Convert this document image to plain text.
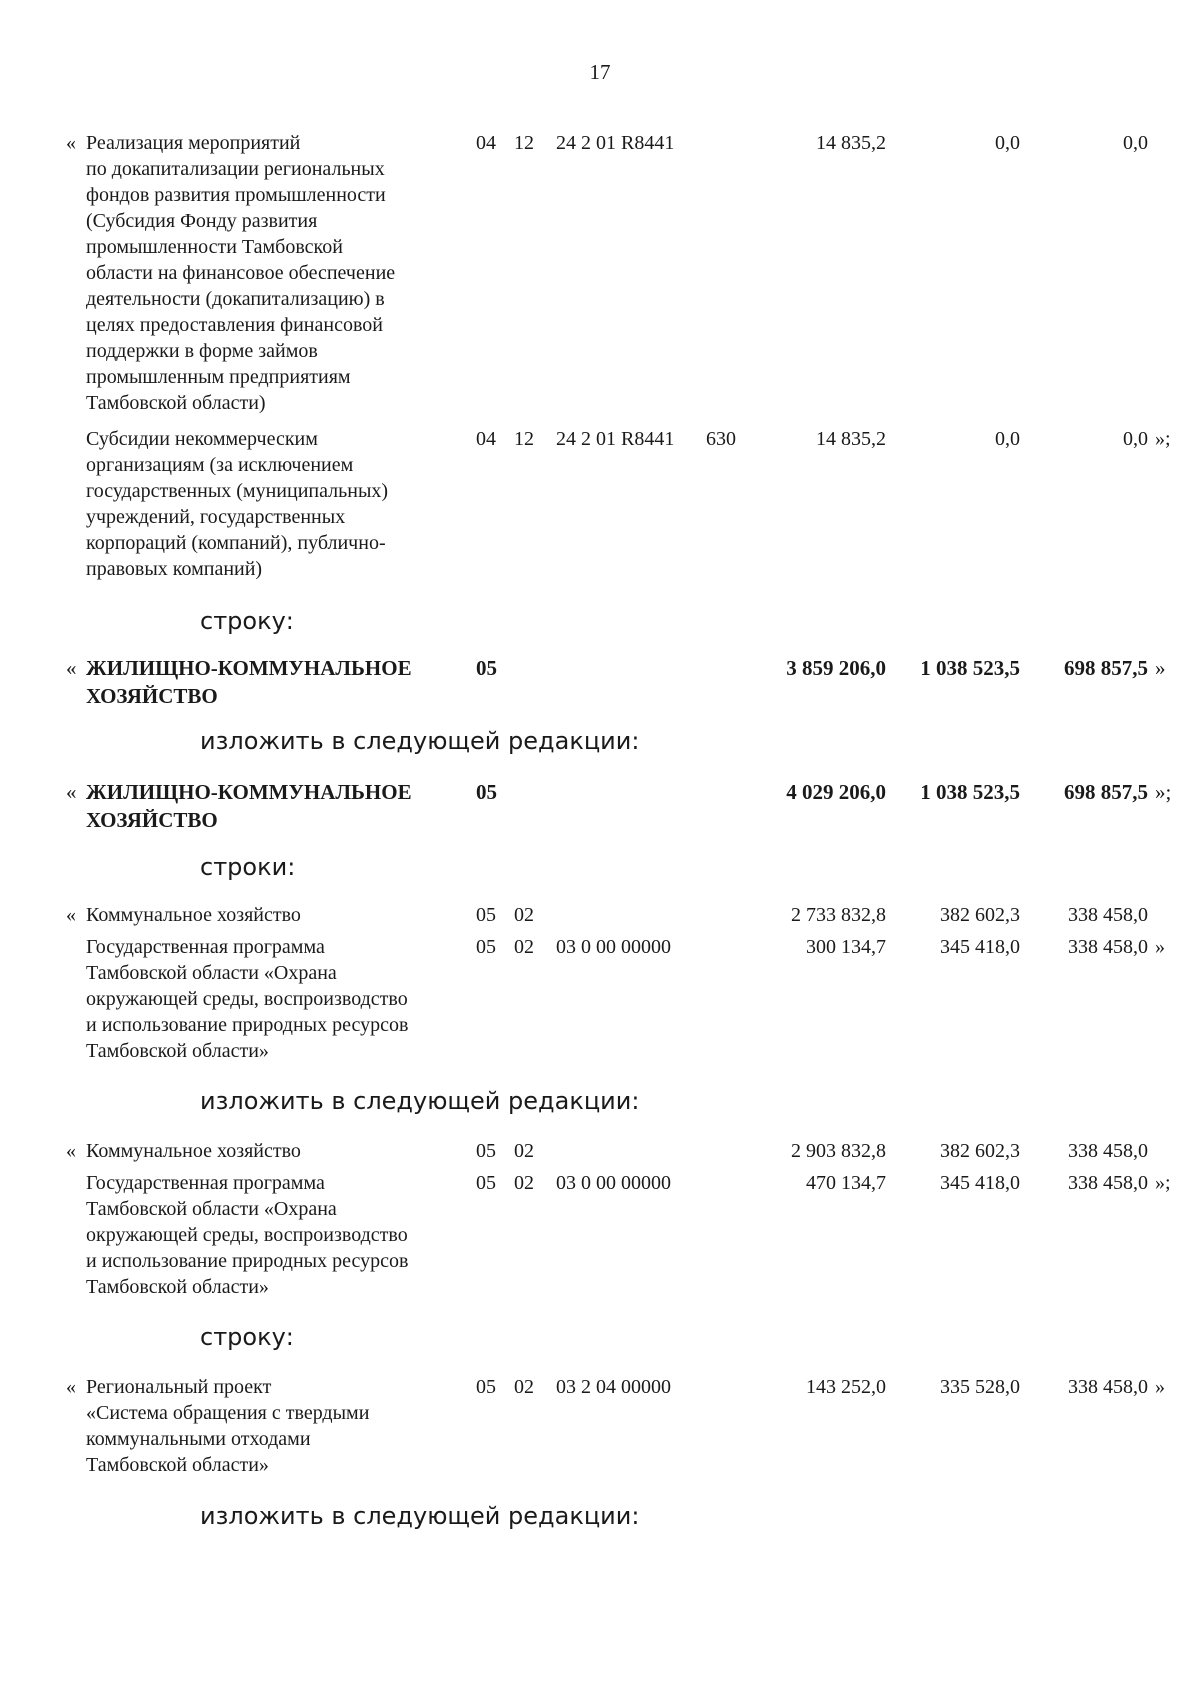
17
« Реализация мероприятий
по докапитализации региональных
фондов развития промышленности
(Субсидия Фонду развития
промышленности Тамбовской
области на финансовое обеспечение
деятельности (докапитализацию) в
целях предоставления финансовой
поддержки в форме займов
промышленным предприятиям
Тамбовской области)
04 12 24 2 01 R8441	14 835,2	0,0	0,0
Субсидии некоммерческим
организациям (за исключением
государственных (муниципальных)
учреждений, государственных
корпораций (компаний), публично-
правовых компаний)
04 12 24 2 01 R8441 630	14 835,2	0,0	0,0 »;
строку:
« ЖИЛИЩНО-КОММУНАЛЬНОЕ
ХОЗЯЙСТВО
05	3 859 206,0 1 038 523,5 698 857,5 »
изложить в следующей редакции:
« ЖИЛИЩНО-КОММУНАЛЬНОЕ
ХОЗЯЙСТВО
05	4 029 206,0 1 038 523,5 698 857,5 »;
строки:
« Коммунальное хозяйство	05 02	2 733 832,8	382 602,3 338 458,0
Государственная программа
Тамбовской области «Охрана
окружающей среды, воспроизводство
и использование природных ресурсов
Тамбовской области»
05 02 03 0 00 00000	300 134,7	345 418,0 338 458,0 »
изложить в следующей редакции:
« Коммунальное хозяйство	05 02	2 903 832,8	382 602,3 338 458,0
Государственная программа
Тамбовской области «Охрана
окружающей среды, воспроизводство
и использование природных ресурсов
Тамбовской области»
05 02 03 0 00 00000	470 134,7	345 418,0 338 458,0 »;
строку:
« Региональный проект
«Система обращения с твердыми
коммунальными отходами
Тамбовской области»
05 02 03 2 04 00000	143 252,0	335 528,0 338 458,0 »
изложить в следующей редакции:
